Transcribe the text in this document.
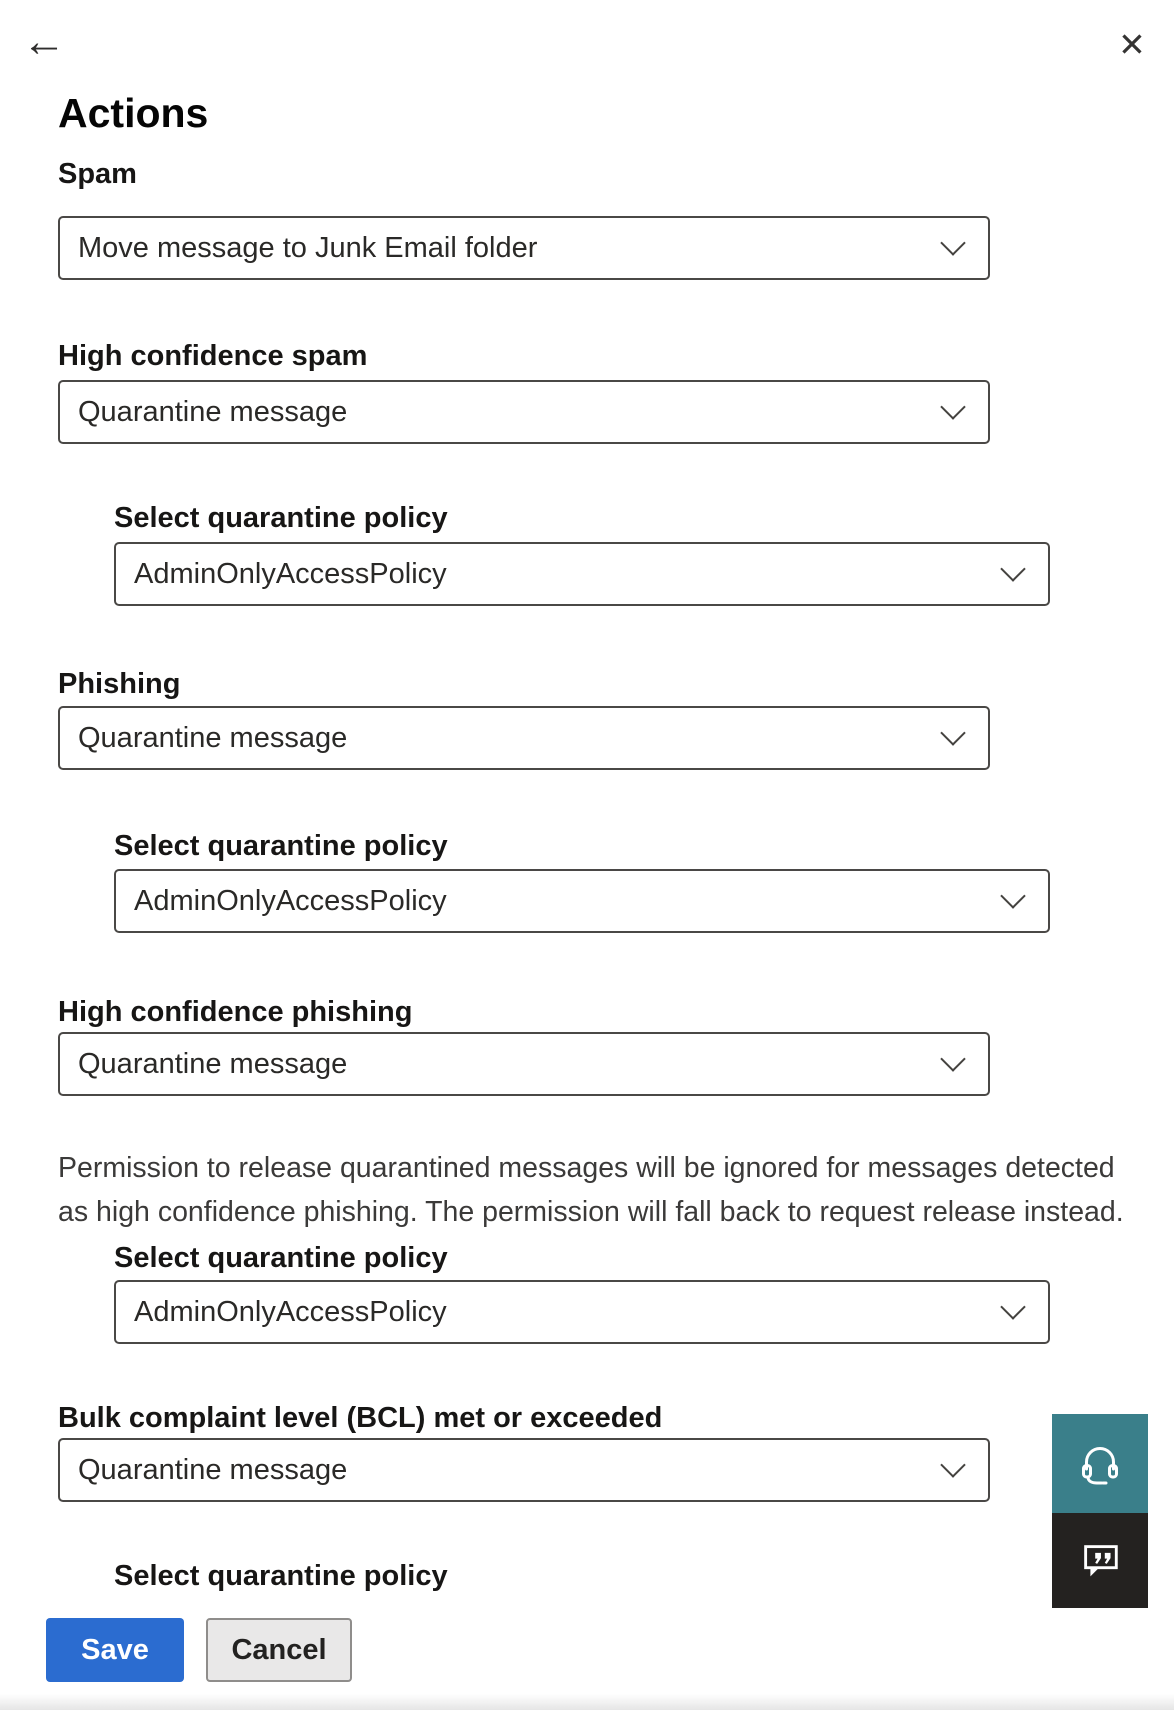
←	✕
Actions
Spam
Move message to Junk Email folder
High confidence spam
Quarantine message
Select quarantine policy
AdminOnlyAccessPolicy
Phishing
Quarantine message
Select quarantine policy
AdminOnlyAccessPolicy
High confidence phishing
Quarantine message

Permission to release quarantined messages will be ignored for messages detected as high confidence phishing. The permission will fall back to request release instead.

Select quarantine policy
AdminOnlyAccessPolicy
Bulk complaint level (BCL) met or exceeded
Quarantine message
Select quarantine policy
Save	Cancel
